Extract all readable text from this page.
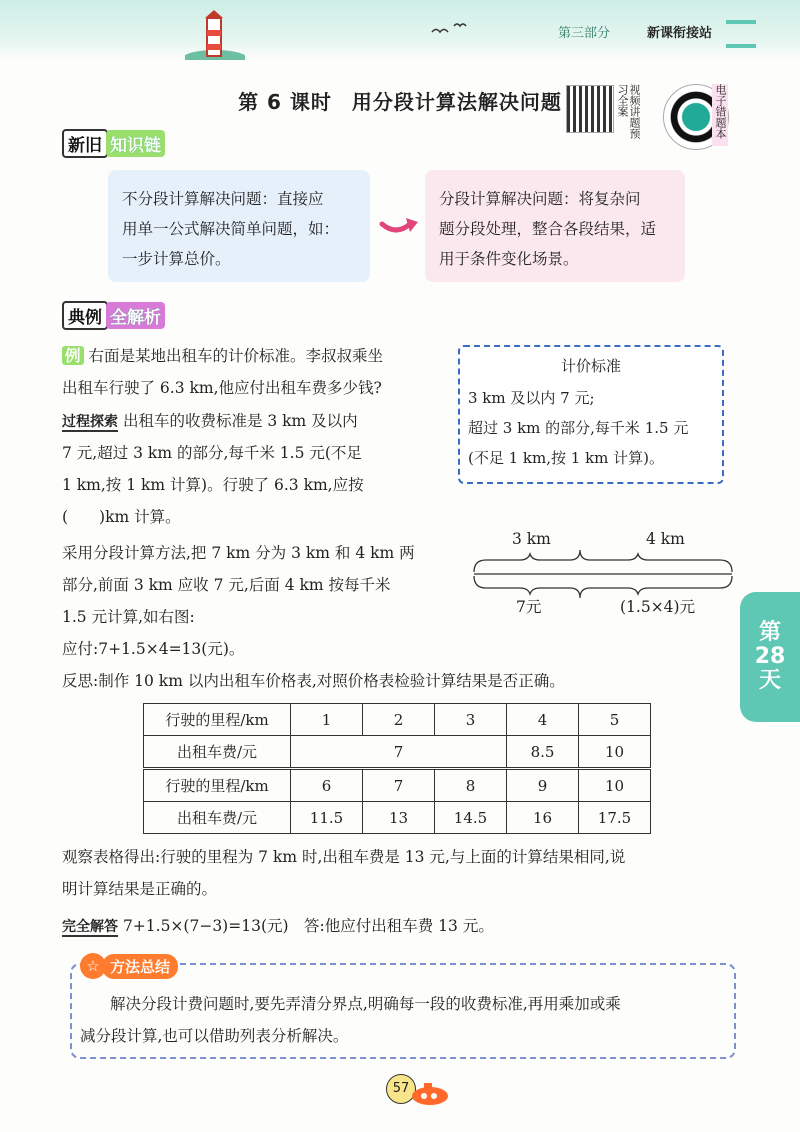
第三部分	新课衔接站
第 6 课时 用分段计算法解决问题	视频讲题预习全案	电子错题本
新旧 知识链
不分段计算解决问题：直接应
用单一公式解决简单问题，如：
一步计算总价。
分段计算解决问题：将复杂问
题分段处理，整合各段结果，适
用于条件变化场景。
典例 全解析
例 右面是某地出租车的计价标准。李叔叔乘坐
出租车行驶了 6.3 km,他应付出租车费多少钱?
计价标准
3 km 及以内 7 元;
超过 3 km 的部分,每千米 1.5 元
(不足 1 km,按 1 km 计算)。
过程探索 出租车的收费标准是 3 km 及以内
7 元,超过 3 km 的部分,每千米 1.5 元(不足
1 km,按 1 km 计算)。行驶了 6.3 km,应按
(　　)km 计算。
采用分段计算方法,把 7 km 分为 3 km 和 4 km 两
部分,前面 3 km 应收 7 元,后面 4 km 按每千米
1.5 元计算,如右图:
3 km	4 km
7元	(1.5×4)元
应付:7+1.5×4=13(元)。
反思:制作 10 km 以内出租车价格表,对照价格表检验计算结果是否正确。
行驶的里程/km	1	2	3	4	5
出租车费/元	7			8.5	10
行驶的里程/km	6	7	8	9	10
出租车费/元	11.5	13	14.5	16	17.5
观察表格得出:行驶的里程为 7 km 时,出租车费是 13 元,与上面的计算结果相同,说
明计算结果是正确的。
完全解答 7+1.5×(7−3)=13(元)　答:他应付出租车费 13 元。
☆ 方法总结
解决分段计费问题时,要先弄清分界点,明确每一段的收费标准,再用乘加或乘
减分段计算,也可以借助列表分析解决。
第
28
天
57
